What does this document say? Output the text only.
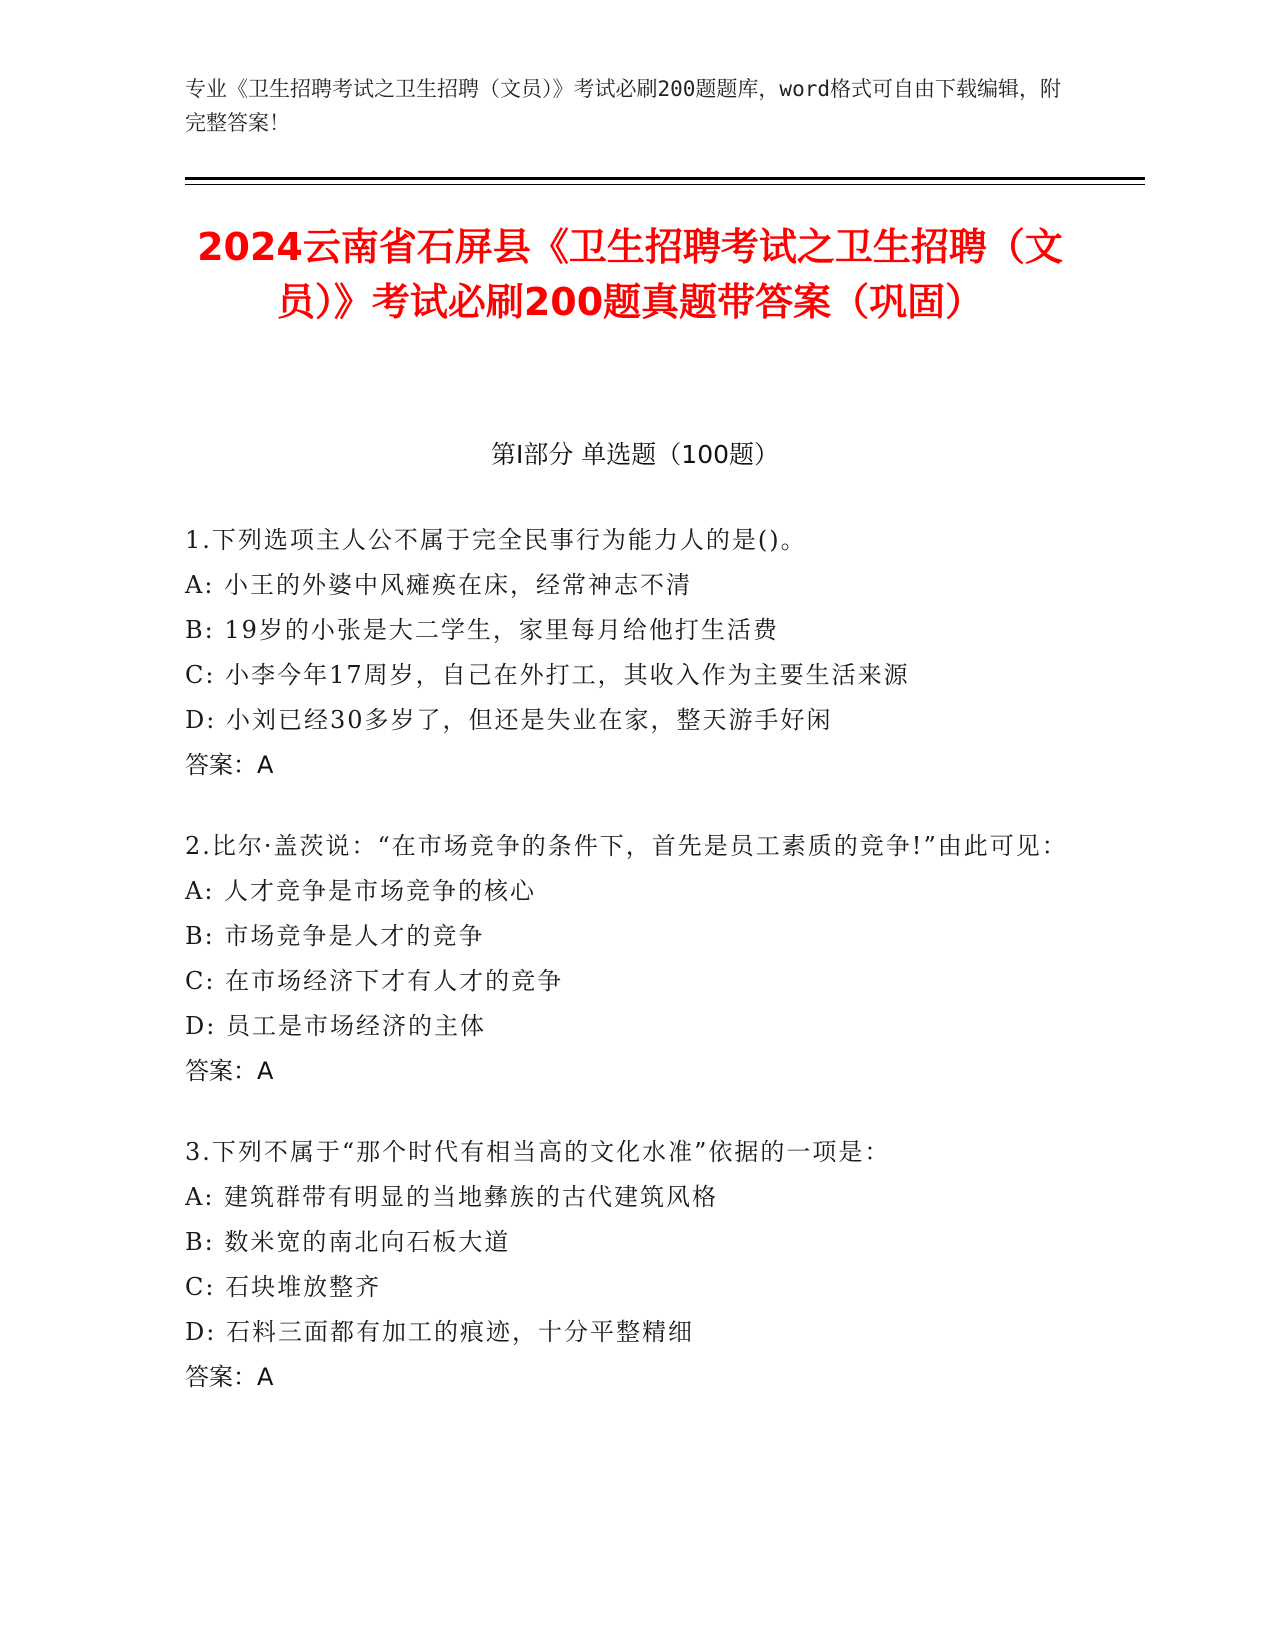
专业《卫生招聘考试之卫生招聘（文员）》考试必刷200题题库，word格式可自由下载编辑，附完整答案！
2024云南省石屏县《卫生招聘考试之卫生招聘（文员）》考试必刷200题真题带答案（巩固）
第I部分 单选题（100题）
1.下列选项主人公不属于完全民事行为能力人的是()。
A: 小王的外婆中风瘫痪在床，经常神志不清
B: 19岁的小张是大二学生，家里每月给他打生活费
C: 小李今年17周岁，自己在外打工，其收入作为主要生活来源
D: 小刘已经30多岁了，但还是失业在家，整天游手好闲
答案：A
2.比尔·盖茨说：“在市场竞争的条件下，首先是员工素质的竞争!”由此可见：
A: 人才竞争是市场竞争的核心
B: 市场竞争是人才的竞争
C: 在市场经济下才有人才的竞争
D: 员工是市场经济的主体
答案：A
3.下列不属于“那个时代有相当高的文化水准”依据的一项是：
A: 建筑群带有明显的当地彝族的古代建筑风格
B: 数米宽的南北向石板大道
C: 石块堆放整齐
D: 石料三面都有加工的痕迹，十分平整精细
答案：A
